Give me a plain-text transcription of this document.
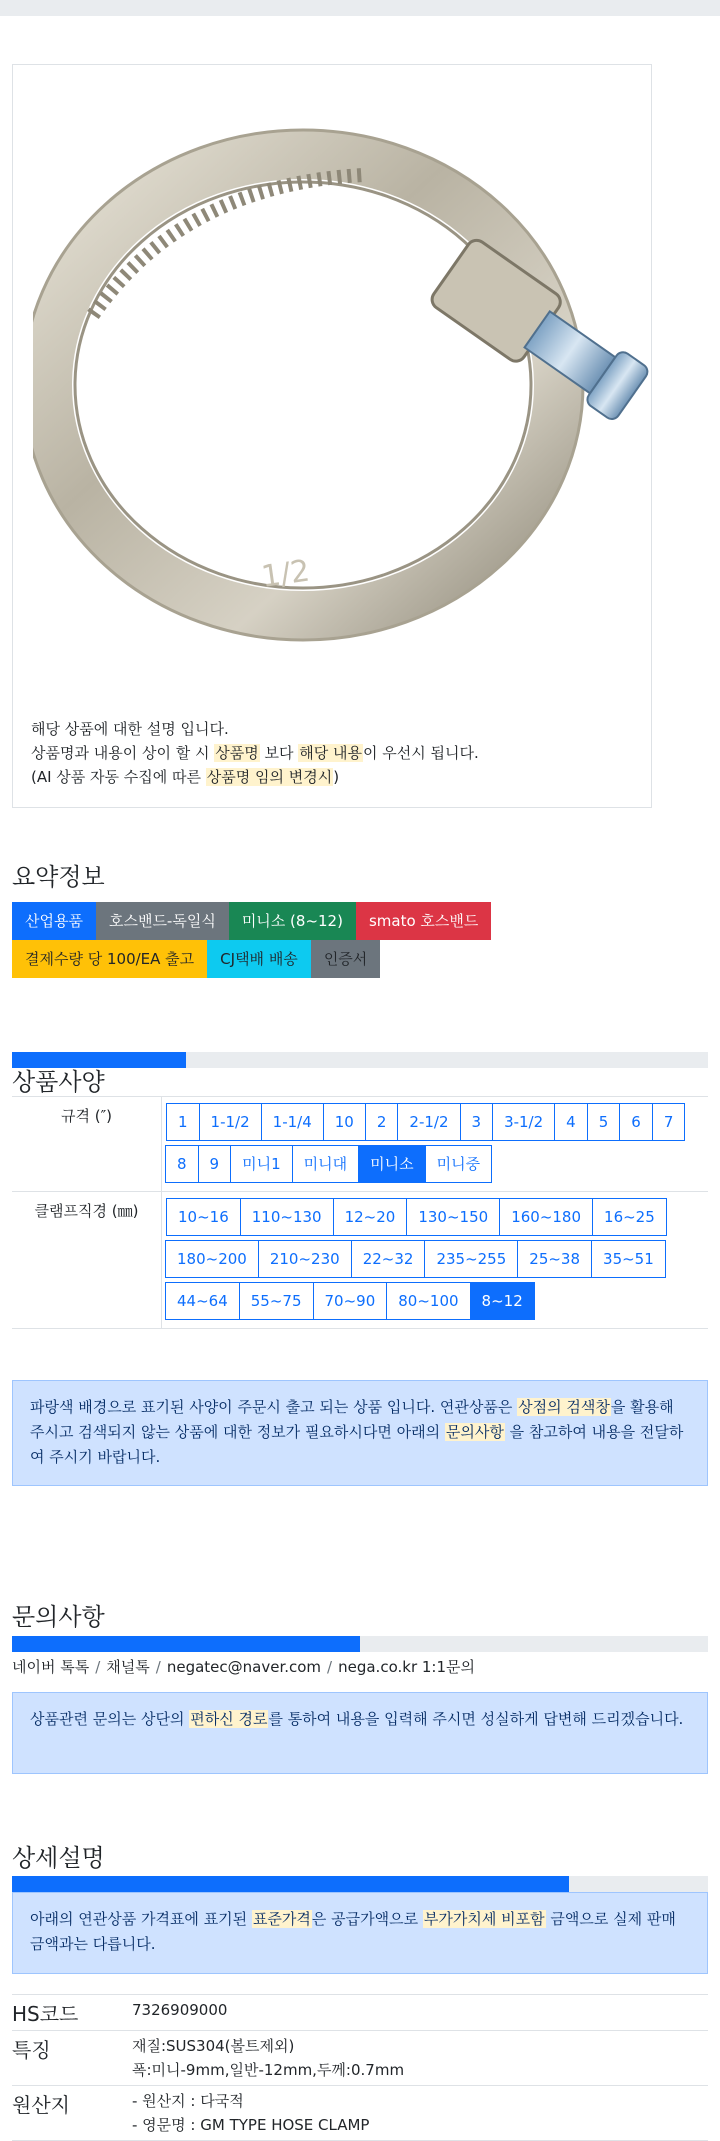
1/2
해당 상품에 대한 설명 입니다.
상품명과 내용이 상이 할 시 상품명 보다 해당 내용이 우선시 됩니다.
(AI 상품 자동 수집에 따른 상품명 임의 변경시)
요약정보
산업용품	호스밴드-독일식	미니소 (8~12)	smato 호스밴드
결제수량 당 100/EA 출고	CJ택배 배송	인증서
상품사양
규격 (″)	1	1-1/2	1-1/4	10	2	2-1/2	3	3-1/2	4	5	6	7
8	9	미니1	미니대	미니소	미니중
클램프직경 (㎜)	10~16	110~130	12~20	130~150	160~180	16~25
180~200	210~230	22~32	235~255	25~38	35~51
44~64	55~75	70~90	80~100	8~12
파랑색 배경으로 표기된 사양이 주문시 출고 되는 상품 입니다. 연관상품은 상점의 검색창을 활용해 주시고 검색되지 않는 상품에 대한 정보가 필요하시다면 아래의 문의사항 을 참고하여 내용을 전달하여 주시기 바랍니다.
문의사항
네이버 톡톡 / 채널톡 / negatec@naver.com / nega.co.kr 1:1문의
상품관련 문의는 상단의 편하신 경로를 통하여 내용을 입력해 주시면 성실하게 답변해 드리겠습니다.
상세설명
아래의 연관상품 가격표에 표기된 표준가격은 공급가액으로 부가가치세 비포함 금액으로 실제 판매금액과는 다릅니다.
HS코드	7326909000
특징	재질:SUS304(볼트제외)
폭:미니-9mm,일반-12mm,두께:0.7mm
원산지	- 원산지 : 다국적
- 영문명 : GM TYPE HOSE CLAMP
